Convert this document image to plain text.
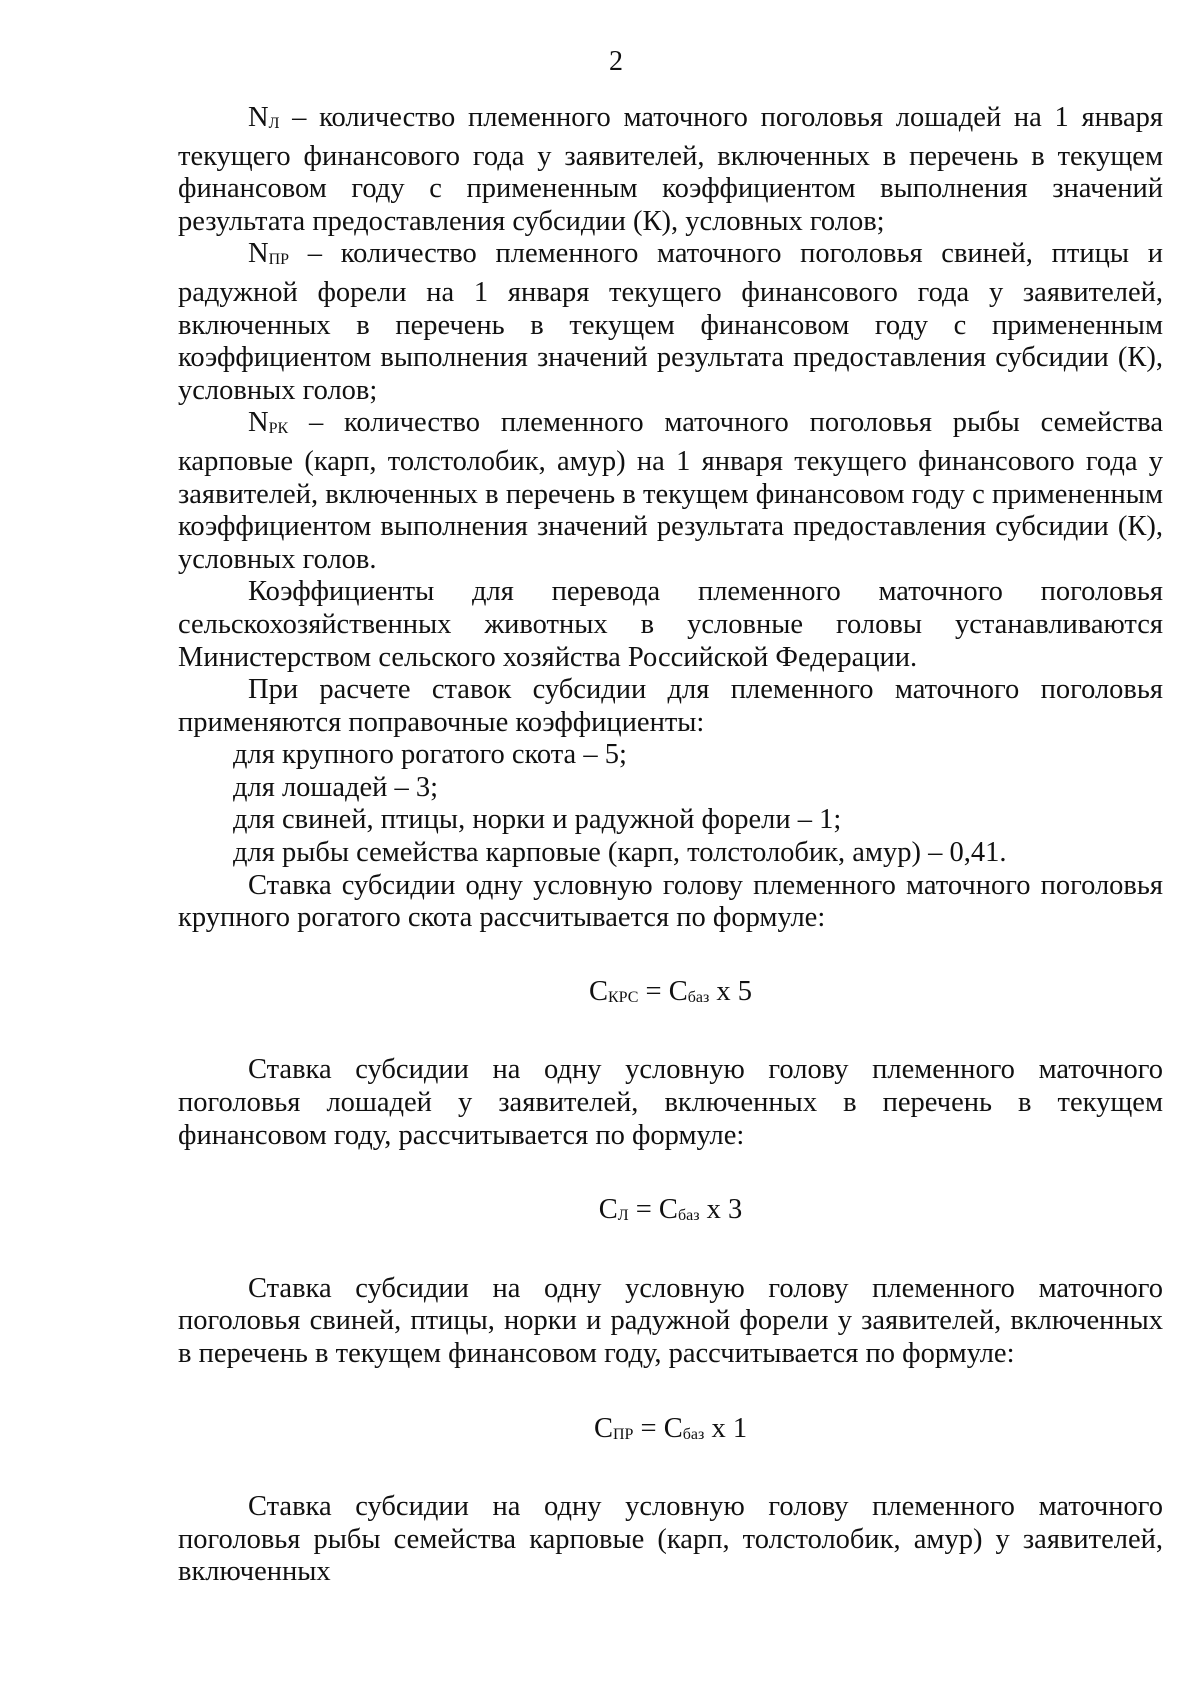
2

NЛ – количество племенного маточного поголовья лошадей на 1 января текущего финансового года у заявителей, включенных в перечень в текущем финансовом году с примененным коэффициентом выполнения значений результата предоставления субсидии (К), условных голов;

NПР – количество племенного маточного поголовья свиней, птицы и радужной форели на 1 января текущего финансового года у заявителей, включенных в перечень в текущем финансовом году с примененным коэффициентом выполнения значений результата предоставления субсидии (К), условных голов;

NРК – количество племенного маточного поголовья рыбы семейства карповые (карп, толстолобик, амур) на 1 января текущего финансового года у заявителей, включенных в перечень в текущем финансовом году с примененным коэффициентом выполнения значений результата предоставления субсидии (К), условных голов.

Коэффициенты для перевода племенного маточного поголовья сельскохозяйственных животных в условные головы устанавливаются Министерством сельского хозяйства Российской Федерации.

При расчете ставок субсидии для племенного маточного поголовья применяются поправочные коэффициенты:

для крупного рогатого скота – 5;

для лошадей – 3;

для свиней, птицы, норки и радужной форели – 1;

для рыбы семейства карповые (карп, толстолобик, амур) – 0,41.

Ставка субсидии одну условную голову племенного маточного поголовья крупного рогатого скота рассчитывается по формуле:

СКРС = Сбаз х 5

Ставка субсидии на одну условную голову племенного маточного поголовья лошадей у заявителей, включенных в перечень в текущем финансовом году, рассчитывается по формуле:

СЛ = Сбаз х 3

Ставка субсидии на одну условную голову племенного маточного поголовья свиней, птицы, норки и радужной форели у заявителей, включенных в перечень в текущем финансовом году, рассчитывается по формуле:

СПР = Сбаз х 1

Ставка субсидии на одну условную голову племенного маточного поголовья рыбы семейства карповые (карп, толстолобик, амур) у заявителей, включенных
